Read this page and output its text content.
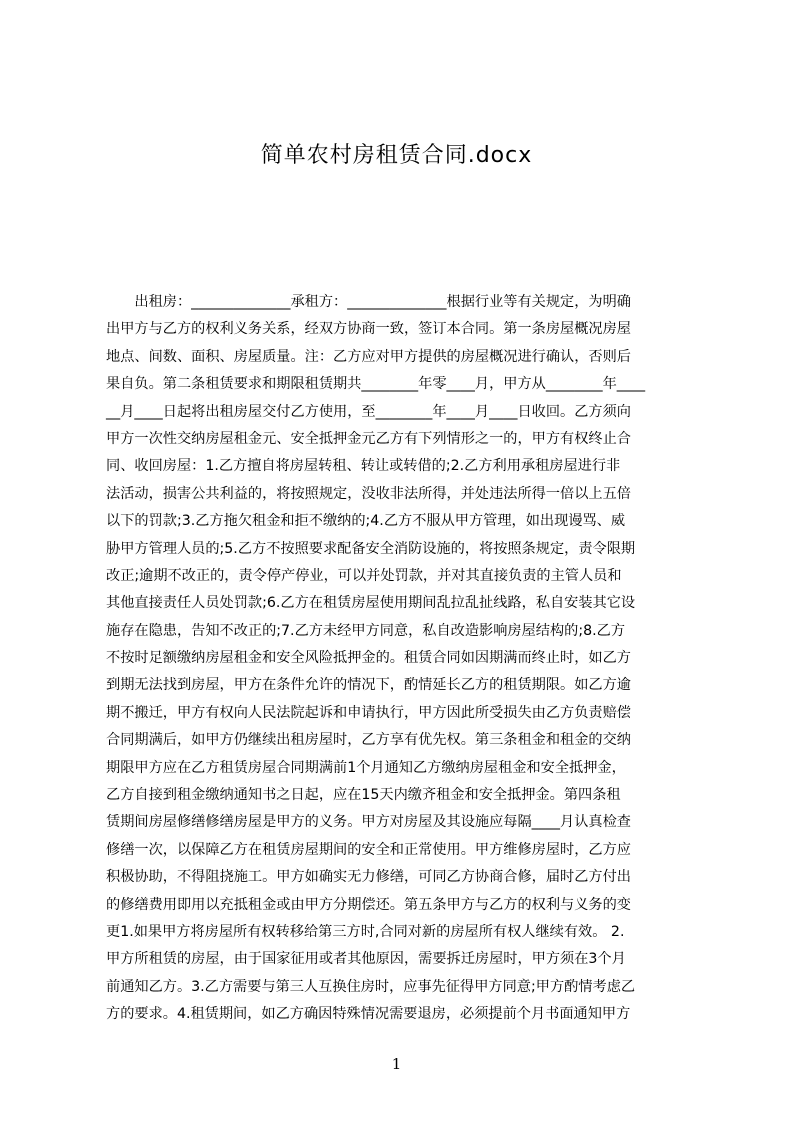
简单农村房租赁合同.docx
　　出租房：______________承租方：______________根据行业等有关规定，为明确
出甲方与乙方的权利义务关系，经双方协商一致，签订本合同。第一条房屋概况房屋
地点、间数、面积、房屋质量。注：乙方应对甲方提供的房屋概况进行确认，否则后
果自负。第二条租赁要求和期限租赁期共________年零____月，甲方从________年____
__月____日起将出租房屋交付乙方使用，至________年____月____日收回。乙方须向
甲方一次性交纳房屋租金元、安全抵押金元乙方有下列情形之一的，甲方有权终止合
同、收回房屋：1.乙方擅自将房屋转租、转让或转借的;2.乙方利用承租房屋进行非
法活动，损害公共利益的，将按照规定，没收非法所得，并处违法所得一倍以上五倍
以下的罚款;3.乙方拖欠租金和拒不缴纳的;4.乙方不服从甲方管理，如出现谩骂、威
胁甲方管理人员的;5.乙方不按照要求配备安全消防设施的，将按照条规定，责令限期
改正;逾期不改正的，责令停产停业，可以并处罚款，并对其直接负责的主管人员和
其他直接责任人员处罚款;6.乙方在租赁房屋使用期间乱拉乱扯线路，私自安装其它设
施存在隐患，告知不改正的;7.乙方未经甲方同意，私自改造影响房屋结构的;8.乙方
不按时足额缴纳房屋租金和安全风险抵押金的。租赁合同如因期满而终止时，如乙方
到期无法找到房屋，甲方在条件允许的情况下，酌情延长乙方的租赁期限。如乙方逾
期不搬迁，甲方有权向人民法院起诉和申请执行，甲方因此所受损失由乙方负责赔偿
合同期满后，如甲方仍继续出租房屋时，乙方享有优先权。第三条租金和租金的交纳
期限甲方应在乙方租赁房屋合同期满前1个月通知乙方缴纳房屋租金和安全抵押金，
乙方自接到租金缴纳通知书之日起，应在15天内缴齐租金和安全抵押金。第四条租
赁期间房屋修缮修缮房屋是甲方的义务。甲方对房屋及其设施应每隔____月认真检查
修缮一次，以保障乙方在租赁房屋期间的安全和正常使用。甲方维修房屋时，乙方应
积极协助，不得阻挠施工。甲方如确实无力修缮，可同乙方协商合修，届时乙方付出
的修缮费用即用以充抵租金或由甲方分期偿还。第五条甲方与乙方的权利与义务的变
更1.如果甲方将房屋所有权转移给第三方时,合同对新的房屋所有权人继续有效。 2.
甲方所租赁的房屋，由于国家征用或者其他原因，需要拆迁房屋时，甲方须在3个月
前通知乙方。3.乙方需要与第三人互换住房时，应事先征得甲方同意;甲方酌情考虑乙
方的要求。4.租赁期间，如乙方确因特殊情况需要退房，必须提前个月书面通知甲方
1
